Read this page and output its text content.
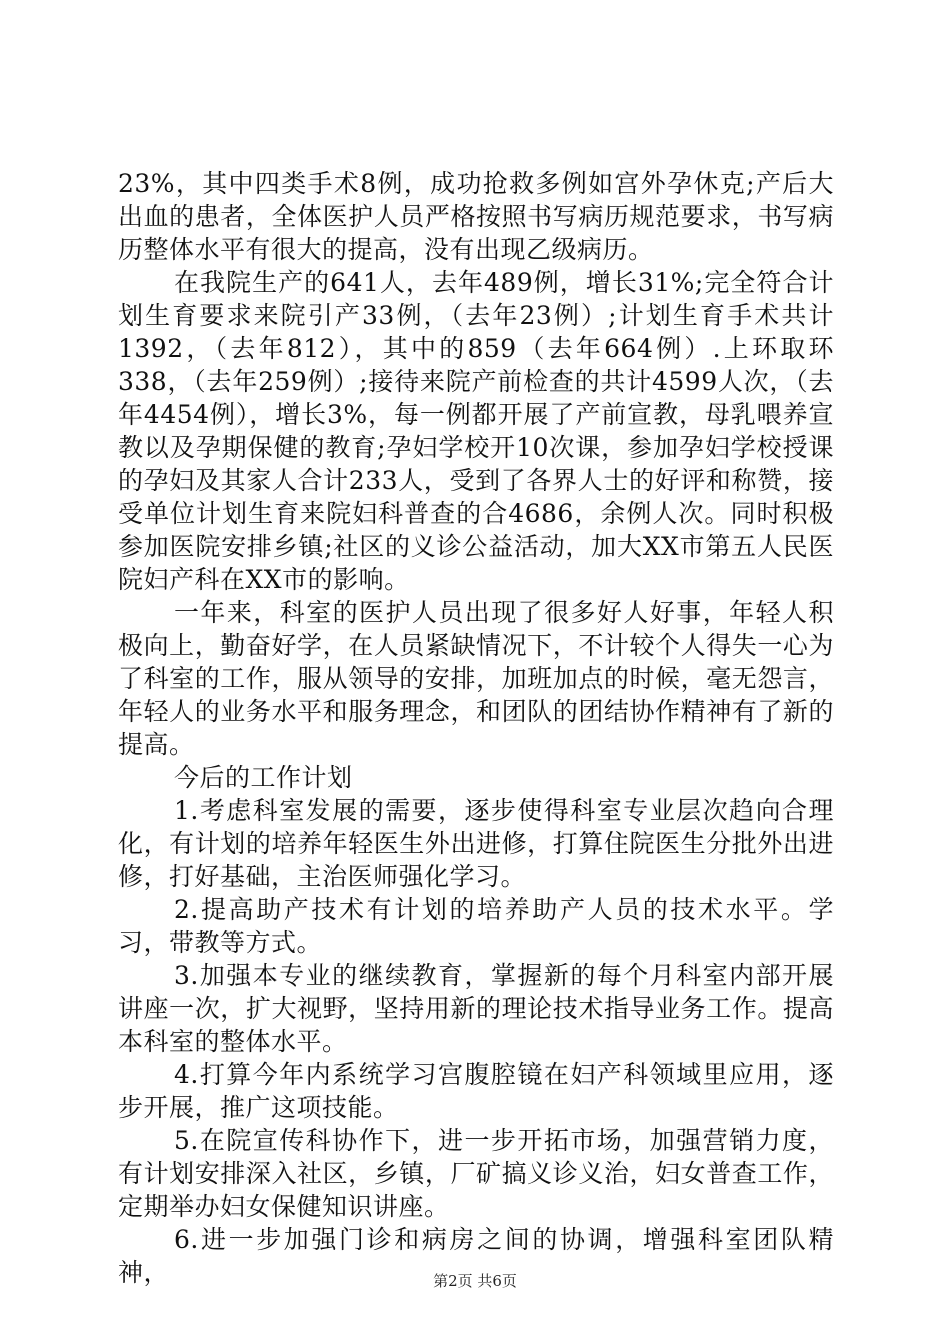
23%，其中四类手术8例，成功抢救多例如宫外孕休克;产后大出血的患者，全体医护人员严格按照书写病历规范要求，书写病历整体水平有很大的提高，没有出现乙级病历。

在我院生产的641人，去年489例，增长31%;完全符合计划生育要求来院引产33例，（去年23例）;计划生育手术共计1392，（去年812），其中的859（去年664例）.上环取环338，（去年259例）;接待来院产前检查的共计4599人次，（去年4454例），增长3%，每一例都开展了产前宣教，母乳喂养宣教以及孕期保健的教育;孕妇学校开10次课，参加孕妇学校授课的孕妇及其家人合计233人，受到了各界人士的好评和称赞，接受单位计划生育来院妇科普查的合4686，余例人次。同时积极参加医院安排乡镇;社区的义诊公益活动，加大XX市第五人民医院妇产科在XX市的影响。

一年来，科室的医护人员出现了很多好人好事，年轻人积极向上，勤奋好学，在人员紧缺情况下，不计较个人得失一心为了科室的工作，服从领导的安排，加班加点的时候，毫无怨言，年轻人的业务水平和服务理念，和团队的团结协作精神有了新的提高。

今后的工作计划

1.考虑科室发展的需要，逐步使得科室专业层次趋向合理化，有计划的培养年轻医生外出进修，打算住院医生分批外出进修，打好基础，主治医师强化学习。

2.提高助产技术有计划的培养助产人员的技术水平。学习，带教等方式。

3.加强本专业的继续教育，掌握新的每个月科室内部开展讲座一次，扩大视野，坚持用新的理论技术指导业务工作。提高本科室的整体水平。

4.打算今年内系统学习宫腹腔镜在妇产科领域里应用，逐步开展，推广这项技能。

5.在院宣传科协作下，进一步开拓市场，加强营销力度，有计划安排深入社区，乡镇，厂矿搞义诊义治，妇女普查工作，定期举办妇女保健知识讲座。

6.进一步加强门诊和病房之间的协调，增强科室团队精神，	第2页 共6页
